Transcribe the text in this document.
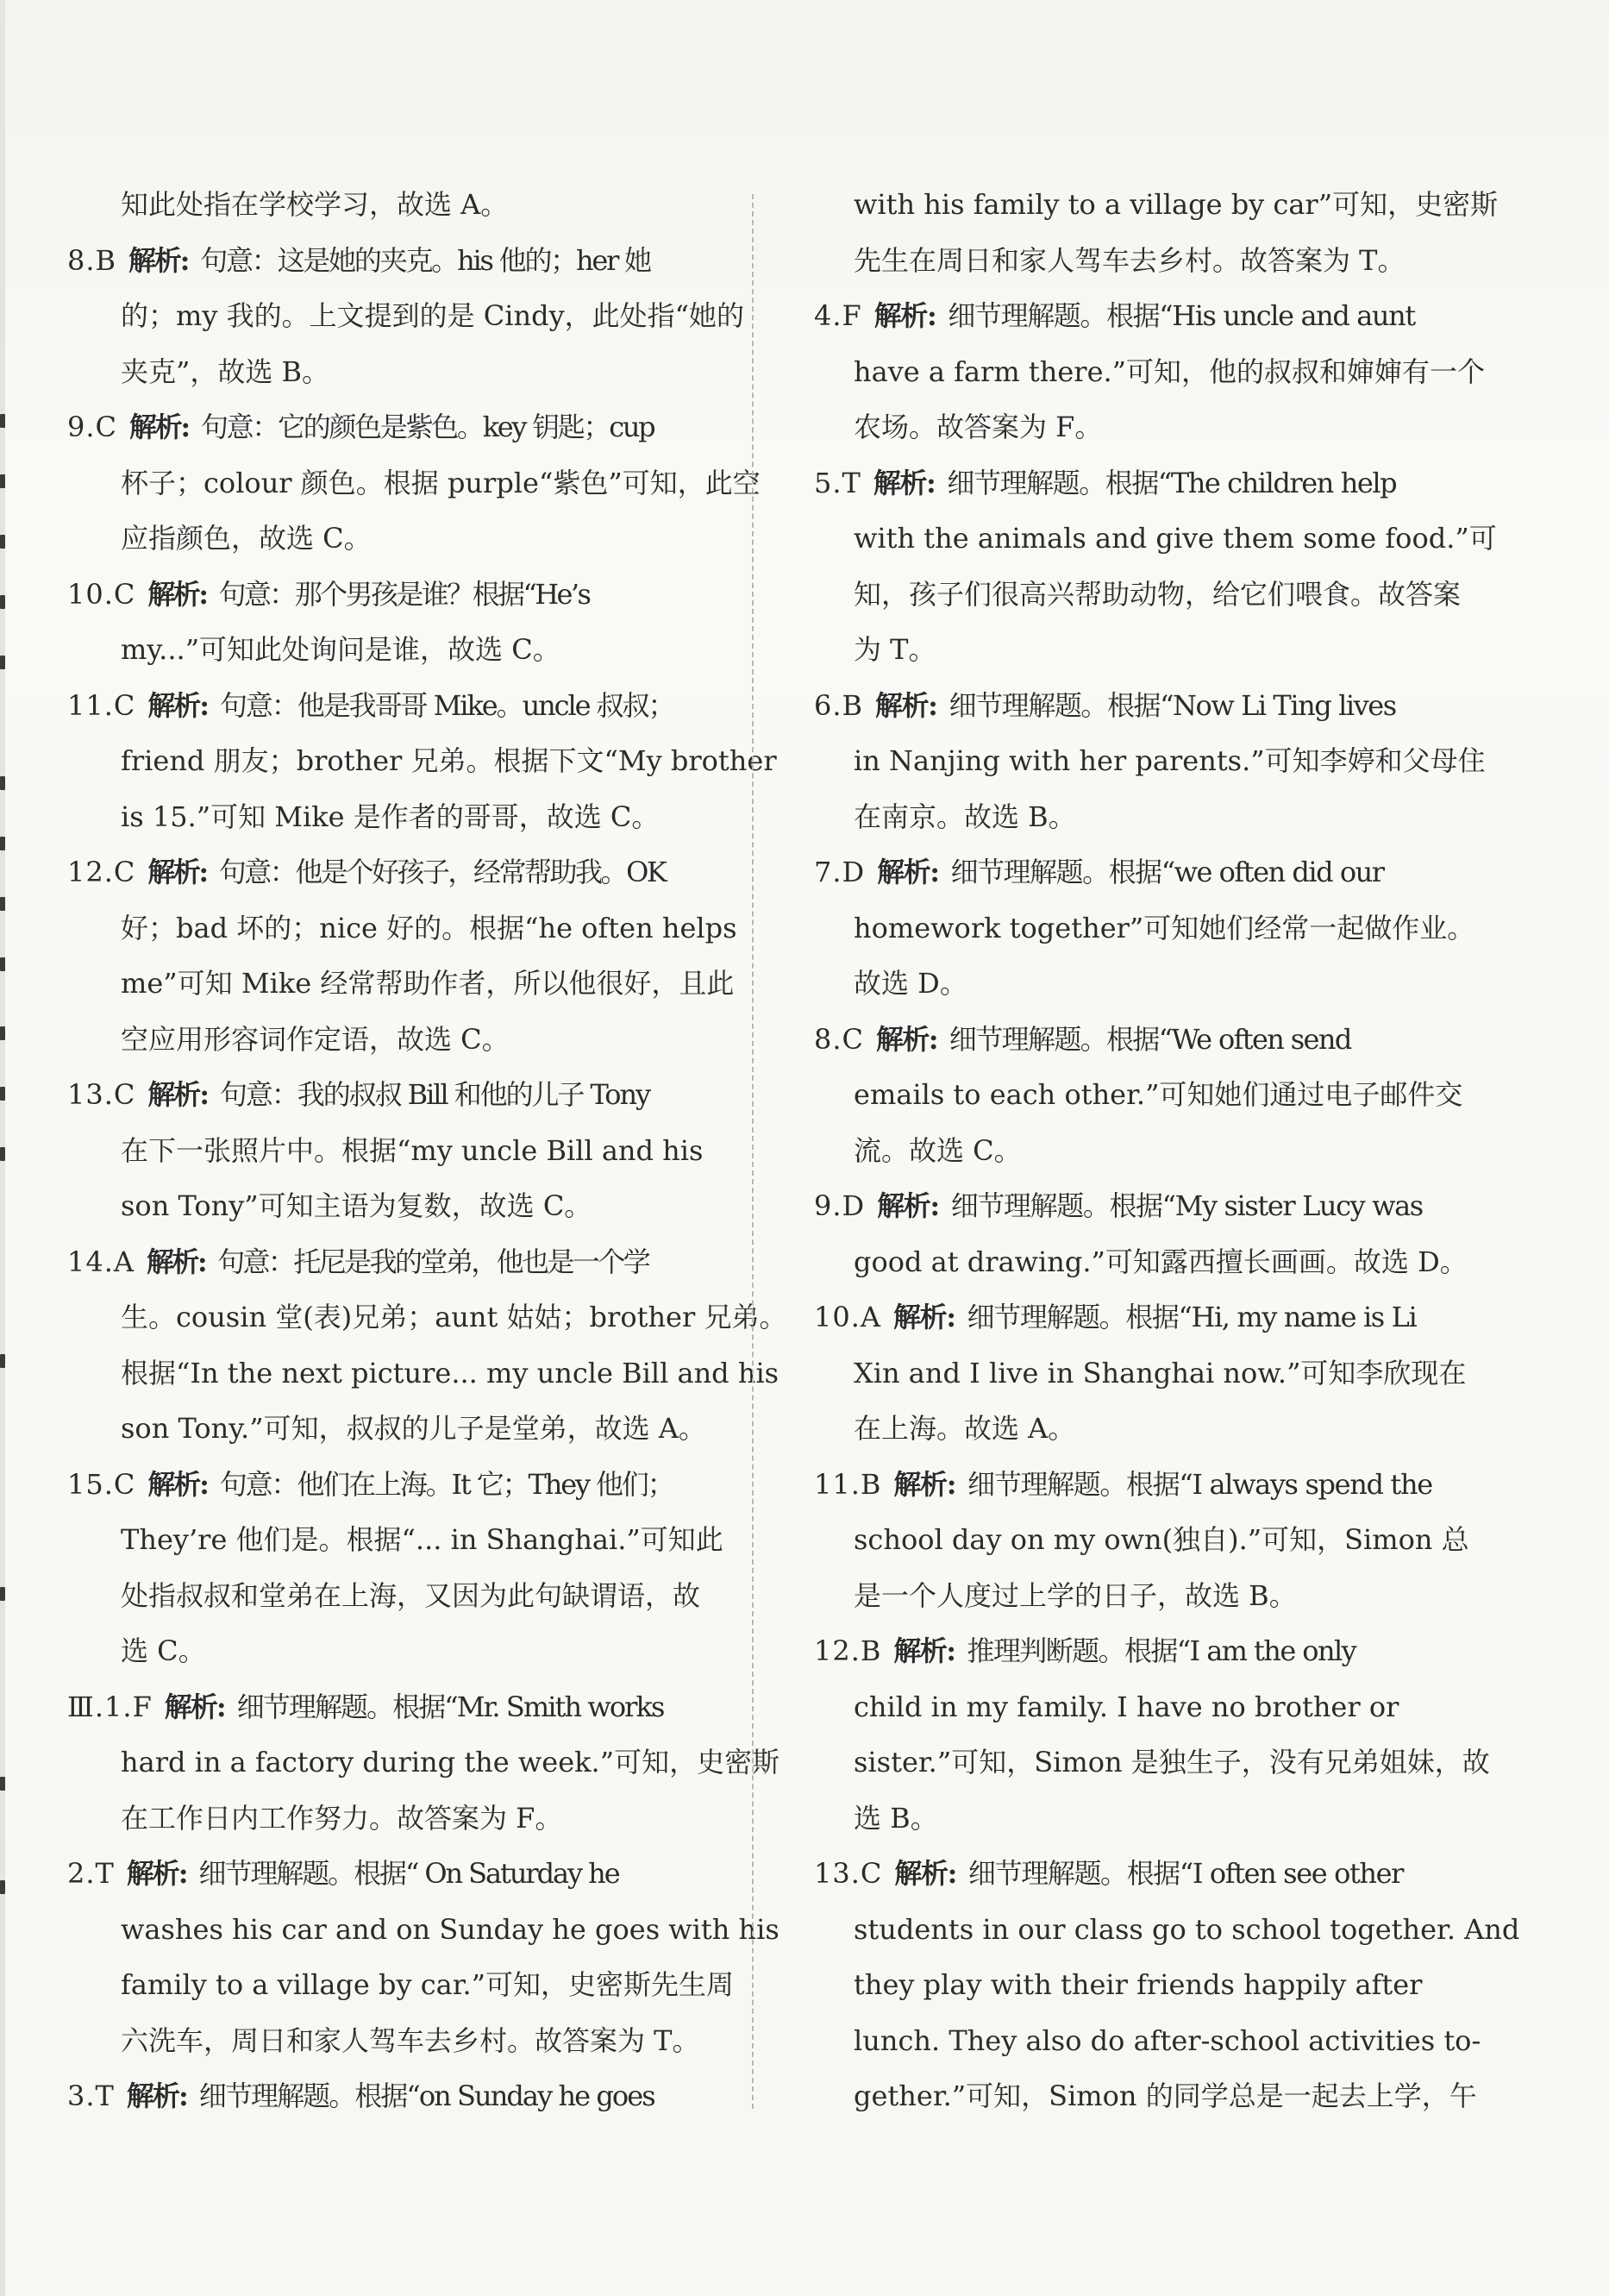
知此处指在学校学习，故选 A。
8.B 解析: 句意：这是她的夹克。his 他的；her 她
的；my 我的。上文提到的是 Cindy，此处指“她的
夹克”，故选 B。
9.C 解析: 句意：它的颜色是紫色。key 钥匙；cup
杯子；colour 颜色。根据 purple“紫色”可知，此空
应指颜色，故选 C。
10.C 解析: 句意：那个男孩是谁？根据“He’s
my...”可知此处询问是谁，故选 C。
11.C 解析: 句意：他是我哥哥 Mike。uncle 叔叔；
friend 朋友；brother 兄弟。根据下文“My brother
is 15.”可知 Mike 是作者的哥哥，故选 C。
12.C 解析: 句意：他是个好孩子，经常帮助我。OK
好；bad 坏的；nice 好的。根据“he often helps
me”可知 Mike 经常帮助作者，所以他很好，且此
空应用形容词作定语，故选 C。
13.C 解析: 句意：我的叔叔 Bill 和他的儿子 Tony
在下一张照片中。根据“my uncle Bill and his
son Tony”可知主语为复数，故选 C。
14.A 解析: 句意：托尼是我的堂弟，他也是一个学
生。cousin 堂(表)兄弟；aunt 姑姑；brother 兄弟。
根据“In the next picture... my uncle Bill and his
son Tony.”可知，叔叔的儿子是堂弟，故选 A。
15.C 解析: 句意：他们在上海。It 它；They 他们；
They’re 他们是。根据“... in Shanghai.”可知此
处指叔叔和堂弟在上海，又因为此句缺谓语，故
选 C。
Ⅲ.1.F 解析: 细节理解题。根据“Mr. Smith works
hard in a factory during the week.”可知，史密斯
在工作日内工作努力。故答案为 F。
2.T 解析: 细节理解题。根据“ On Saturday he
washes his car and on Sunday he goes with his
family to a village by car.”可知，史密斯先生周
六洗车，周日和家人驾车去乡村。故答案为 T。
3.T 解析: 细节理解题。根据“on Sunday he goes
with his family to a village by car”可知，史密斯
先生在周日和家人驾车去乡村。故答案为 T。
4.F 解析: 细节理解题。根据“His uncle and aunt
have a farm there.”可知，他的叔叔和婶婶有一个
农场。故答案为 F。
5.T 解析: 细节理解题。根据“The children help
with the animals and give them some food.”可
知，孩子们很高兴帮助动物，给它们喂食。故答案
为 T。
6.B 解析: 细节理解题。根据“Now Li Ting lives
in Nanjing with her parents.”可知李婷和父母住
在南京。故选 B。
7.D 解析: 细节理解题。根据“we often did our
homework together”可知她们经常一起做作业。
故选 D。
8.C 解析: 细节理解题。根据“We often send
emails to each other.”可知她们通过电子邮件交
流。故选 C。
9.D 解析: 细节理解题。根据“My sister Lucy was
good at drawing.”可知露西擅长画画。故选 D。
10.A 解析: 细节理解题。根据“Hi, my name is Li
Xin and I live in Shanghai now.”可知李欣现在
在上海。故选 A。
11.B 解析: 细节理解题。根据“I always spend the
school day on my own(独自).”可知，Simon 总
是一个人度过上学的日子，故选 B。
12.B 解析: 推理判断题。根据“I am the only
child in my family. I have no brother or
sister.”可知，Simon 是独生子，没有兄弟姐妹，故
选 B。
13.C 解析: 细节理解题。根据“I often see other
students in our class go to school together. And
they play with their friends happily after
lunch. They also do after-school activities to-
gether.”可知，Simon 的同学总是一起去上学，午
